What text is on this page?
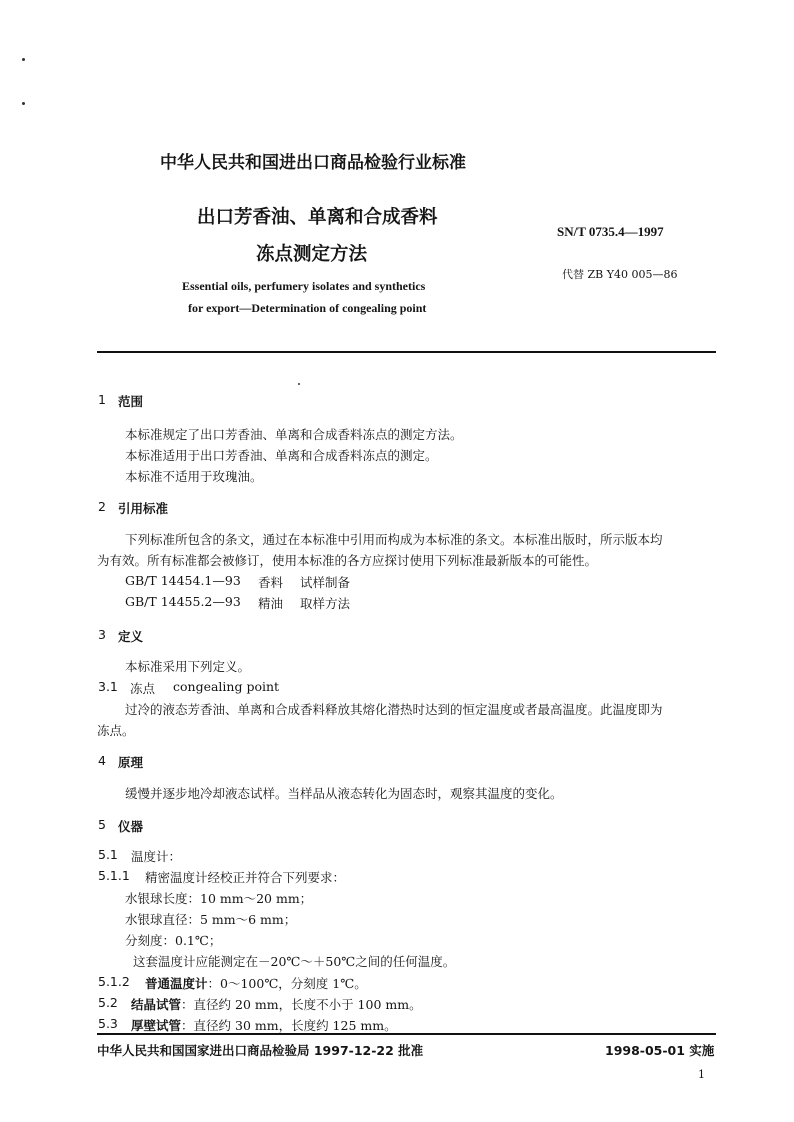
中华人民共和国进出口商品检验行业标准
出口芳香油、单离和合成香料
冻点测定方法
SN/T 0735.4—1997
代替 ZB Y40 005—86
Essential oils, perfumery isolates and synthetics
for export—Determination of congealing point
1 范围
本标准规定了出口芳香油、单离和合成香料冻点的测定方法。
本标准适用于出口芳香油、单离和合成香料冻点的测定。
本标准不适用于玫瑰油。
2 引用标准
下列标准所包含的条文，通过在本标准中引用而构成为本标准的条文。本标准出版时，所示版本均
为有效。所有标准都会被修订，使用本标准的各方应探讨使用下列标准最新版本的可能性。
GB/T 14454.1—93 香料 试样制备
GB/T 14455.2—93 精油 取样方法
3 定义
本标准采用下列定义。
3.1 冻点 congealing point
过冷的液态芳香油、单离和合成香料释放其熔化潜热时达到的恒定温度或者最高温度。此温度即为
冻点。
4 原理
缓慢并逐步地冷却液态试样。当样品从液态转化为固态时，观察其温度的变化。
5 仪器
5.1 温度计：
5.1.1 精密温度计经校正并符合下列要求：
水银球长度：10 mm～20 mm；
水银球直径：5 mm～6 mm；
分刻度：0.1℃；
这套温度计应能测定在－20℃～＋50℃之间的任何温度。
5.1.2 普通温度计：0～100℃，分刻度 1℃。
5.2 结晶试管：直径约 20 mm，长度不小于 100 mm。
5.3 厚壁试管：直径约 30 mm，长度约 125 mm。
中华人民共和国国家进出口商品检验局 1997-12-22 批准	1998-05-01 实施
1
